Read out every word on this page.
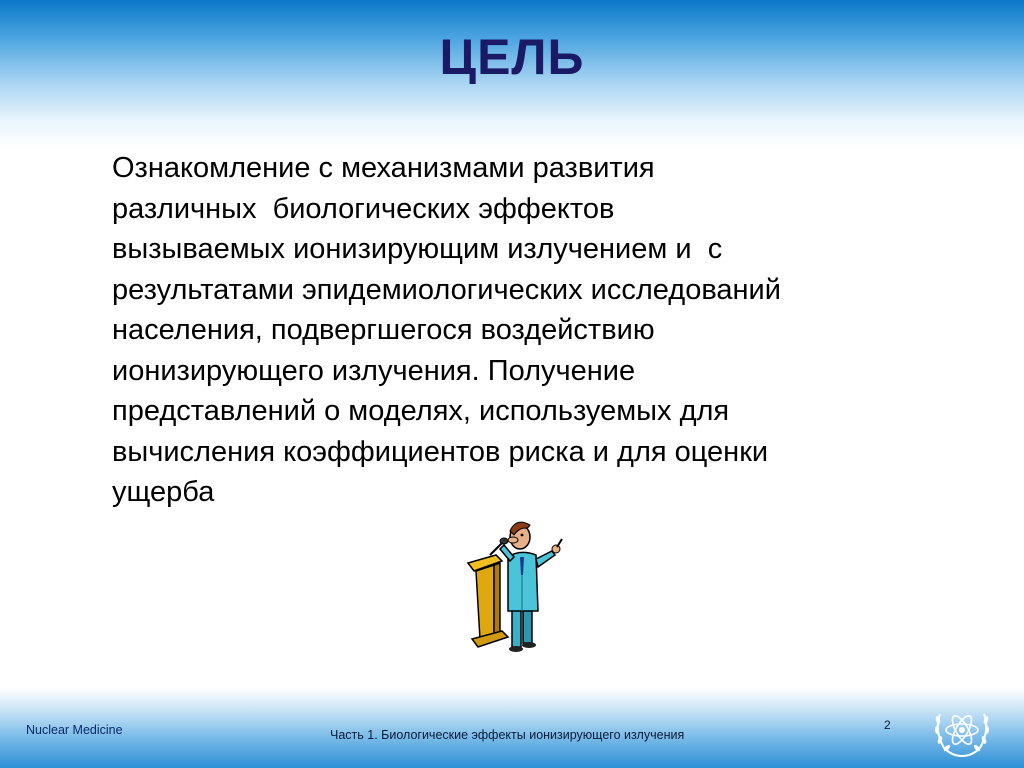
ЦЕЛЬ
Ознакомление с механизмами развития
различных  биологических эффектов
вызываемых ионизирующим излучением и  с
результатами эпидемиологических исследований
населения, подвергшегося воздействию
ионизирующего излучения. Получение
представлений о моделях, используемых для
вычисления коэффициентов риска и для оценки
ущерба
Nuclear Medicine	Часть 1. Биологические эффекты ионизирующего излучения
2
